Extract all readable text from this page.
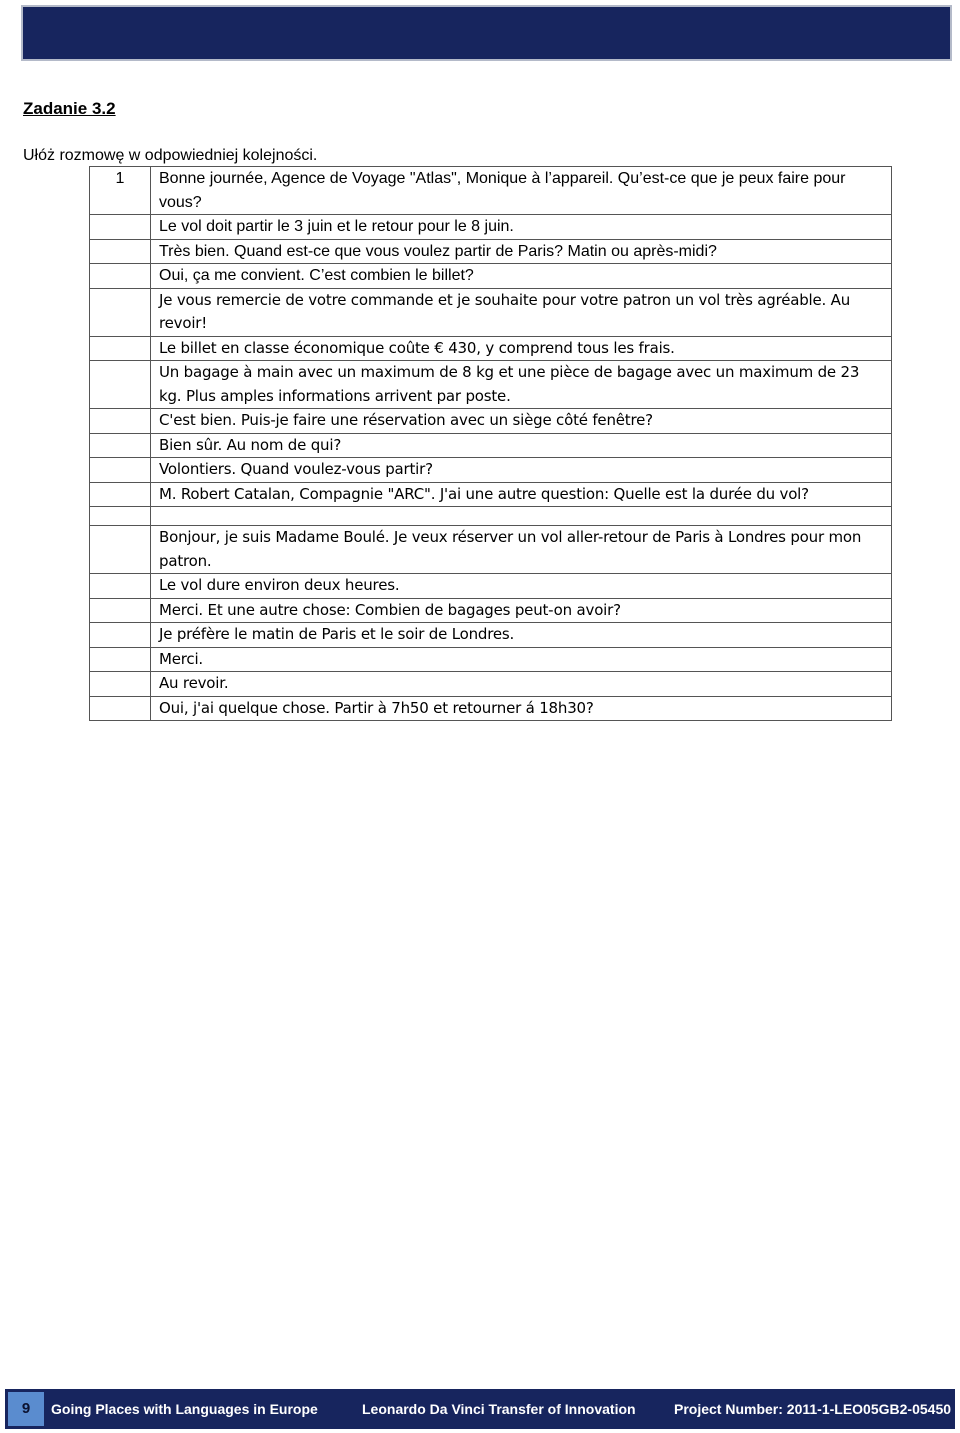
Zadanie 3.2

Ułóż rozmowę w odpowiedniej kolejności.

1	Bonne journée, Agence de Voyage "Atlas", Monique à l’appareil. Qu’est-ce que je peux faire pour vous?
	Le vol doit partir le 3 juin et le retour pour le 8 juin.
	Très bien. Quand est-ce que vous voulez partir de Paris? Matin ou après-midi?
	Oui, ça me convient. C’est combien le billet?
	Je vous remercie de votre commande et je souhaite pour votre patron un vol très agréable. Au revoir!
	Le billet en classe économique coûte € 430, y comprend tous les frais.
	Un bagage à main avec un maximum de 8 kg et une pièce de bagage avec un maximum de 23 kg. Plus amples informations arrivent par poste.
	C'est bien. Puis-je faire une réservation avec un siège côté fenêtre?
	Bien sûr. Au nom de qui?
	Volontiers. Quand voulez-vous partir?
	M. Robert Catalan, Compagnie "ARC". J'ai une autre question: Quelle est la durée du vol?

	Bonjour, je suis Madame Boulé. Je veux réserver un vol aller-retour de Paris à Londres pour mon patron.
	Le vol dure environ deux heures.
	Merci. Et une autre chose: Combien de bagages peut-on avoir?
	Je préfère le matin de Paris et le soir de Londres.
	Merci.
	Au revoir.
	Oui, j'ai quelque chose. Partir à 7h50 et retourner á 18h30?
9	Going Places with Languages in Europe	Leonardo Da Vinci Transfer of Innovation	Project Number: 2011-1-LEO05GB2-05450
